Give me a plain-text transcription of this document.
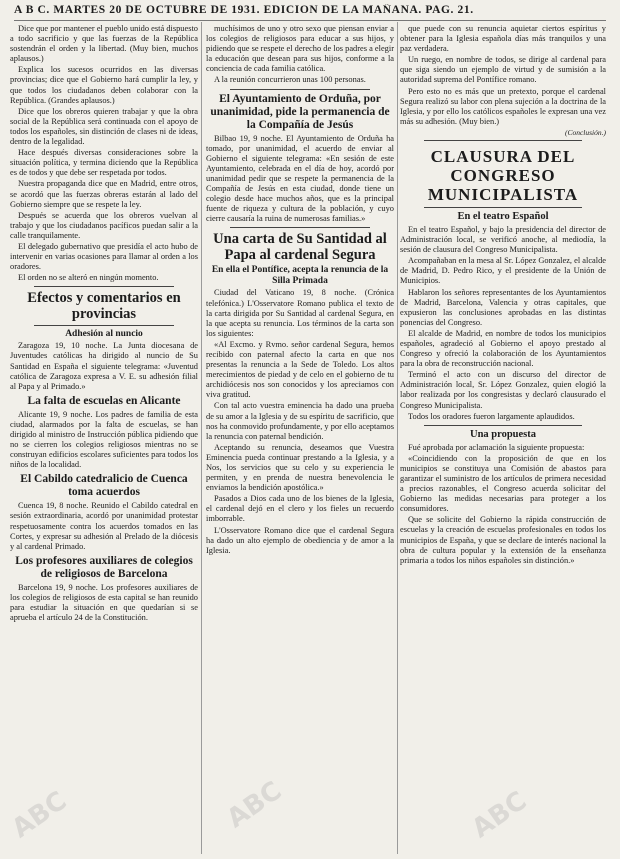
A B C. MARTES 20 DE OCTUBRE DE 1931. EDICION DE LA MAÑANA. PAG. 21.

Dice que por mantener el pueblo unido está dispuesto a todo sacrificio y que las fuerzas de la República sostendrán el orden y la libertad. (Muy bien, muchos aplausos.)

Explica los sucesos ocurridos en las diversas provincias; dice que el Gobierno hará cumplir la ley, y que todos los ciudadanos deben colaborar con la República. (Grandes aplausos.)

Dice que los obreros quieren trabajar y que la obra social de la República será continuada con el apoyo de todos los españoles, sin distinción de clases ni de ideas, dentro de la legalidad.

Hace después diversas consideraciones sobre la situación política, y termina diciendo que la República es de todos y que debe ser respetada por todos.

Nuestra propaganda dice que en Madrid, entre otros, se acordó que las fuerzas obreras estarán al lado del Gobierno siempre que se respete la ley.

Después se acuerda que los obreros vuelvan al trabajo y que los ciudadanos pacíficos puedan salir a la calle tranquilamente.

El delegado gubernativo que presidía el acto hubo de intervenir en varias ocasiones para llamar al orden a los oradores.

El orden no se alteró en ningún momento.

Efectos y comentarios en provincias
Adhesión al nuncio

Zaragoza 19, 10 noche. La Junta diocesana de Juventudes católicas ha dirigido al nuncio de Su Santidad en España el siguiente telegrama: «Juventud católica de Zaragoza expresa a V. E. su adhesión filial al Papa y al Primado.»

La falta de escuelas en Alicante

Alicante 19, 9 noche. Los padres de familia de esta ciudad, alarmados por la falta de escuelas, se han dirigido al ministro de Instrucción pública pidiendo que no se cierren los colegios religiosos mientras no se construyan edificios escolares suficientes para todos los niños de la localidad.

El Cabildo catedralicio de Cuenca toma acuerdos

Cuenca 19, 8 noche. Reunido el Cabildo catedral en sesión extraordinaria, acordó por unanimidad protestar respetuosamente contra los acuerdos tomados en las Cortes, y expresar su adhesión al Prelado de la diócesis y al cardenal Primado.

Los profesores auxiliares de colegios de religiosos de Barcelona

Barcelona 19, 9 noche. Los profesores auxiliares de los colegios de religiosos de esta capital se han reunido para estudiar la situación en que quedarían si se aprueba el artículo 24 de la Constitución.

muchísimos de uno y otro sexo que piensan enviar a los colegios de religiosos para educar a sus hijos, y pidiendo que se respete el derecho de los padres a elegir la educación que desean para sus hijos, conforme a la conciencia de cada familia católica.

A la reunión concurrieron unas 100 personas.

El Ayuntamiento de Orduña, por unanimidad, pide la permanencia de la Compañía de Jesús

Bilbao 19, 9 noche. El Ayuntamiento de Orduña ha tomado, por unanimidad, el acuerdo de enviar al Gobierno el siguiente telegrama: «En sesión de este Ayuntamiento, celebrada en el día de hoy, acordó por unanimidad pedir que se respete la permanencia de la Compañía de Jesús en esta ciudad, donde tiene un colegio desde hace muchos años, que es la principal fuente de riqueza y cultura de la población, y cuyo cierre causaría la ruina de numerosas familias.»

Una carta de Su Santidad al Papa al cardenal Segura
En ella el Pontífice, acepta la renuncia de la Silla Primada

Ciudad del Vaticano 19, 8 noche. (Crónica telefónica.) L'Osservatore Romano publica el texto de la carta dirigida por Su Santidad al cardenal Segura, en la que acepta su renuncia. Los términos de la carta son los siguientes:

«Al Excmo. y Rvmo. señor cardenal Segura, hemos recibido con paternal afecto la carta en que nos presentas la renuncia a la Sede de Toledo. Los altos merecimientos de piedad y de celo en el gobierno de tu archidiócesis nos son conocidos y los apreciamos con viva gratitud.

Con tal acto vuestra eminencia ha dado una prueba de su amor a la Iglesia y de su espíritu de sacrificio, que nos ha conmovido profundamente, y por ello aceptamos la renuncia con paternal bendición.

Aceptando su renuncia, deseamos que Vuestra Eminencia pueda continuar prestando a la Iglesia, y a Nos, los servicios que su celo y su experiencia le permiten, y en prenda de nuestra benevolencia le enviamos la bendición apostólica.»

Pasados a Dios cada uno de los bienes de la Iglesia, el cardenal dejó en el clero y los fieles un recuerdo imborrable.

L'Osservatore Romano dice que el cardenal Segura ha dado un alto ejemplo de obediencia y de amor a la Iglesia.

que puede con su renuncia aquietar ciertos espíritus y obtener para la Iglesia española días más tranquilos y una paz verdadera.

Un ruego, en nombre de todos, se dirige al cardenal para que siga siendo un ejemplo de virtud y de sumisión a la autoridad suprema del Pontífice romano.

Pero esto no es más que un pretexto, porque el cardenal Segura realizó su labor con plena sujeción a la doctrina de la Iglesia, y por ello los católicos españoles le expresan una vez más su adhesión. (Muy bien.)

(Conclusión.)
CLAUSURA DEL CONGRESO MUNICIPALISTA
En el teatro Español

En el teatro Español, y bajo la presidencia del director de Administración local, se verificó anoche, al mediodía, la sesión de clausura del Congreso Municipalista.

Acompañaban en la mesa al Sr. López Gonzalez, el alcalde de Madrid, D. Pedro Rico, y el presidente de la Unión de Municipios.

Hablaron los señores representantes de los Ayuntamientos de Madrid, Barcelona, Valencia y otras capitales, que expusieron las conclusiones aprobadas en las distintas ponencias del Congreso.

El alcalde de Madrid, en nombre de todos los municipios españoles, agradeció al Gobierno el apoyo prestado al Congreso y ofreció la colaboración de los Ayuntamientos para la obra de reconstrucción nacional.

Terminó el acto con un discurso del director de Administración local, Sr. López Gonzalez, quien elogió la labor realizada por los congresistas y declaró clausurado el Congreso Municipalista.

Todos los oradores fueron largamente aplaudidos.

Una propuesta

Fué aprobada por aclamación la siguiente propuesta:

«Coincidiendo con la proposición de que en los municipios se constituya una Comisión de abastos para garantizar el suministro de los artículos de primera necesidad a precios razonables, el Congreso acuerda solicitar del Gobierno las medidas necesarias para proteger a los consumidores.

Que se solicite del Gobierno la rápida construcción de escuelas y la creación de escuelas profesionales en todos los municipios de España, y que se declare de interés nacional la obra de cultura popular y la extensión de la enseñanza primaria a todos los niños españoles sin distinción.»

ABC	ABC	ABC
